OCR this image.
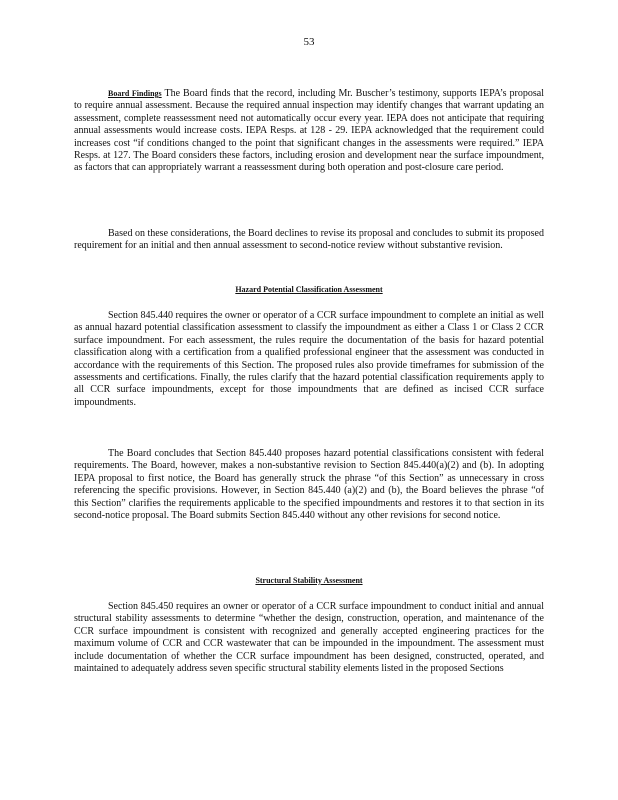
53

Board Findings The Board finds that the record, including Mr. Buscher’s testimony, supports IEPA’s proposal to require annual assessment. Because the required annual inspection may identify changes that warrant updating an assessment, complete reassessment need not automatically occur every year. IEPA does not anticipate that requiring annual assessments would increase costs. IEPA Resps. at 128 - 29. IEPA acknowledged that the requirement could increases cost “if conditions changed to the point that significant changes in the assessments were required.” IEPA Resps. at 127. The Board considers these factors, including erosion and development near the surface impoundment, as factors that can appropriately warrant a reassessment during both operation and post-closure care period.

Based on these considerations, the Board declines to revise its proposal and concludes to submit its proposed requirement for an initial and then annual assessment to second-notice review without substantive revision.

Hazard Potential Classification Assessment

Section 845.440 requires the owner or operator of a CCR surface impoundment to complete an initial as well as annual hazard potential classification assessment to classify the impoundment as either a Class 1 or Class 2 CCR surface impoundment. For each assessment, the rules require the documentation of the basis for hazard potential classification along with a certification from a qualified professional engineer that the assessment was conducted in accordance with the requirements of this Section. The proposed rules also provide timeframes for submission of the assessments and certifications. Finally, the rules clarify that the hazard potential classification requirements apply to all CCR surface impoundments, except for those impoundments that are defined as incised CCR surface impoundments.

The Board concludes that Section 845.440 proposes hazard potential classifications consistent with federal requirements. The Board, however, makes a non-substantive revision to Section 845.440(a)(2) and (b). In adopting IEPA proposal to first notice, the Board has generally struck the phrase “of this Section” as unnecessary in cross referencing the specific provisions. However, in Section 845.440 (a)(2) and (b), the Board believes the phrase “of this Section” clarifies the requirements applicable to the specified impoundments and restores it to that section in its second-notice proposal. The Board submits Section 845.440 without any other revisions for second notice.

Structural Stability Assessment

Section 845.450 requires an owner or operator of a CCR surface impoundment to conduct initial and annual structural stability assessments to determine “whether the design, construction, operation, and maintenance of the CCR surface impoundment is consistent with recognized and generally accepted engineering practices for the maximum volume of CCR and CCR wastewater that can be impounded in the impoundment. The assessment must include documentation of whether the CCR surface impoundment has been designed, constructed, operated, and maintained to adequately address seven specific structural stability elements listed in the proposed Sections
